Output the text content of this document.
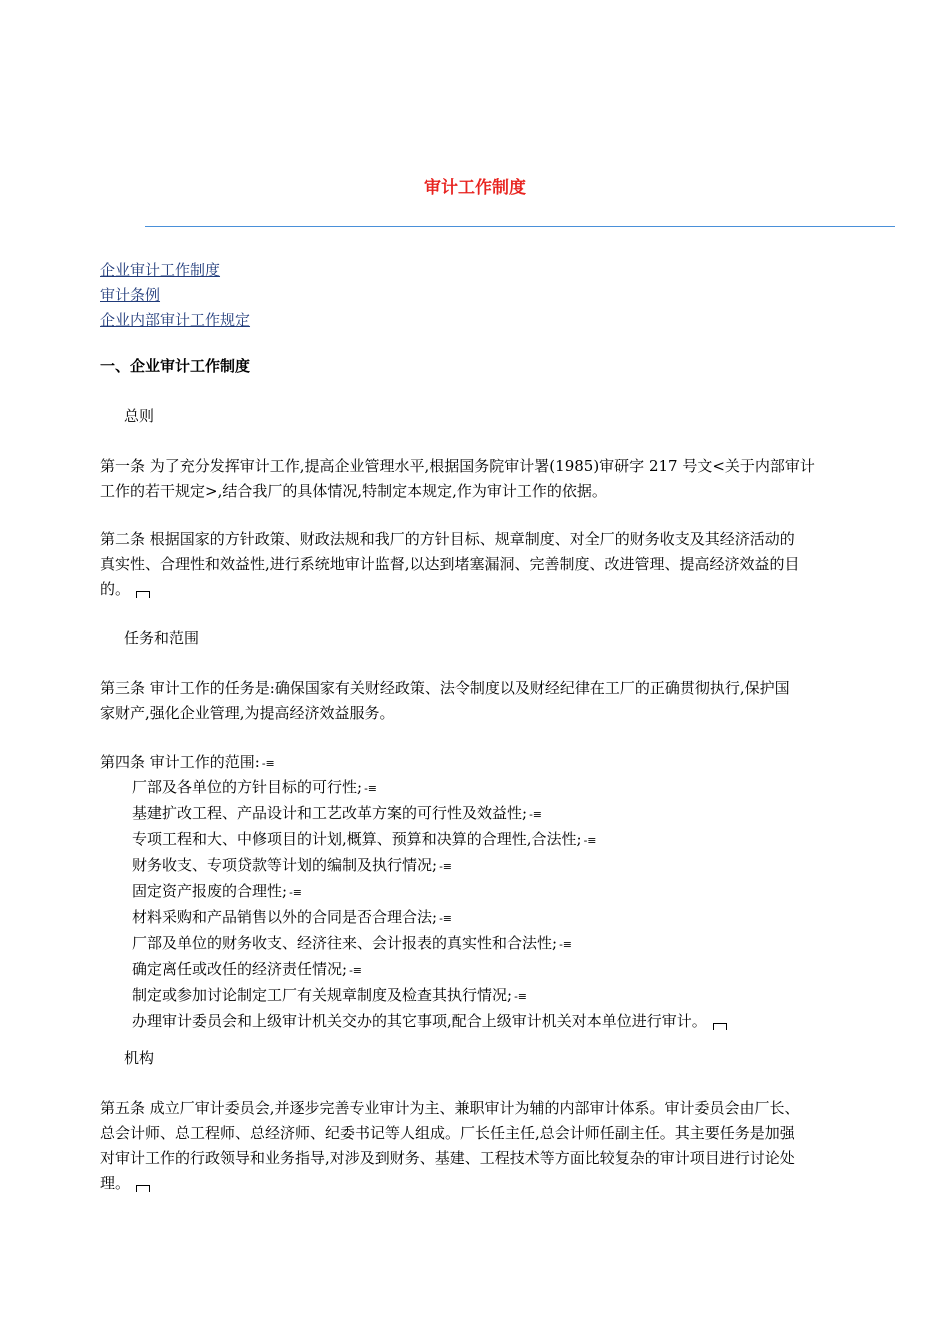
审计工作制度
企业审计工作制度
审计条例
企业内部审计工作规定
一、企业审计工作制度
总则
第一条 为了充分发挥审计工作,提高企业管理水平,根据国务院审计署(1985)审研字 217 号文<关于内部审计
工作的若干规定>,结合我厂的具体情况,特制定本规定,作为审计工作的依据。
第二条 根据国家的方针政策、财政法规和我厂的方针目标、规章制度、对全厂的财务收支及其经济活动的
真实性、合理性和效益性,进行系统地审计监督,以达到堵塞漏洞、完善制度、改进管理、提高经济效益的目
的。
任务和范围
第三条 审计工作的任务是:确保国家有关财经政策、法令制度以及财经纪律在工厂的正确贯彻执行,保护国
家财产,强化企业管理,为提高经济效益服务。
第四条 审计工作的范围: -≡
厂部及各单位的方针目标的可行性; -≡
基建扩改工程、产品设计和工艺改革方案的可行性及效益性; -≡
专项工程和大、中修项目的计划,概算、预算和决算的合理性,合法性; -≡
财务收支、专项贷款等计划的编制及执行情况; -≡
固定资产报废的合理性; -≡
材料采购和产品销售以外的合同是否合理合法; -≡
厂部及单位的财务收支、经济往来、会计报表的真实性和合法性; -≡
确定离任或改任的经济责任情况; -≡
制定或参加讨论制定工厂有关规章制度及检查其执行情况; -≡
办理审计委员会和上级审计机关交办的其它事项,配合上级审计机关对本单位进行审计。
机构
第五条 成立厂审计委员会,并逐步完善专业审计为主、兼职审计为辅的内部审计体系。审计委员会由厂长、
总会计师、总工程师、总经济师、纪委书记等人组成。厂长任主任,总会计师任副主任。其主要任务是加强
对审计工作的行政领导和业务指导,对涉及到财务、基建、工程技术等方面比较复杂的审计项目进行讨论处
理。
